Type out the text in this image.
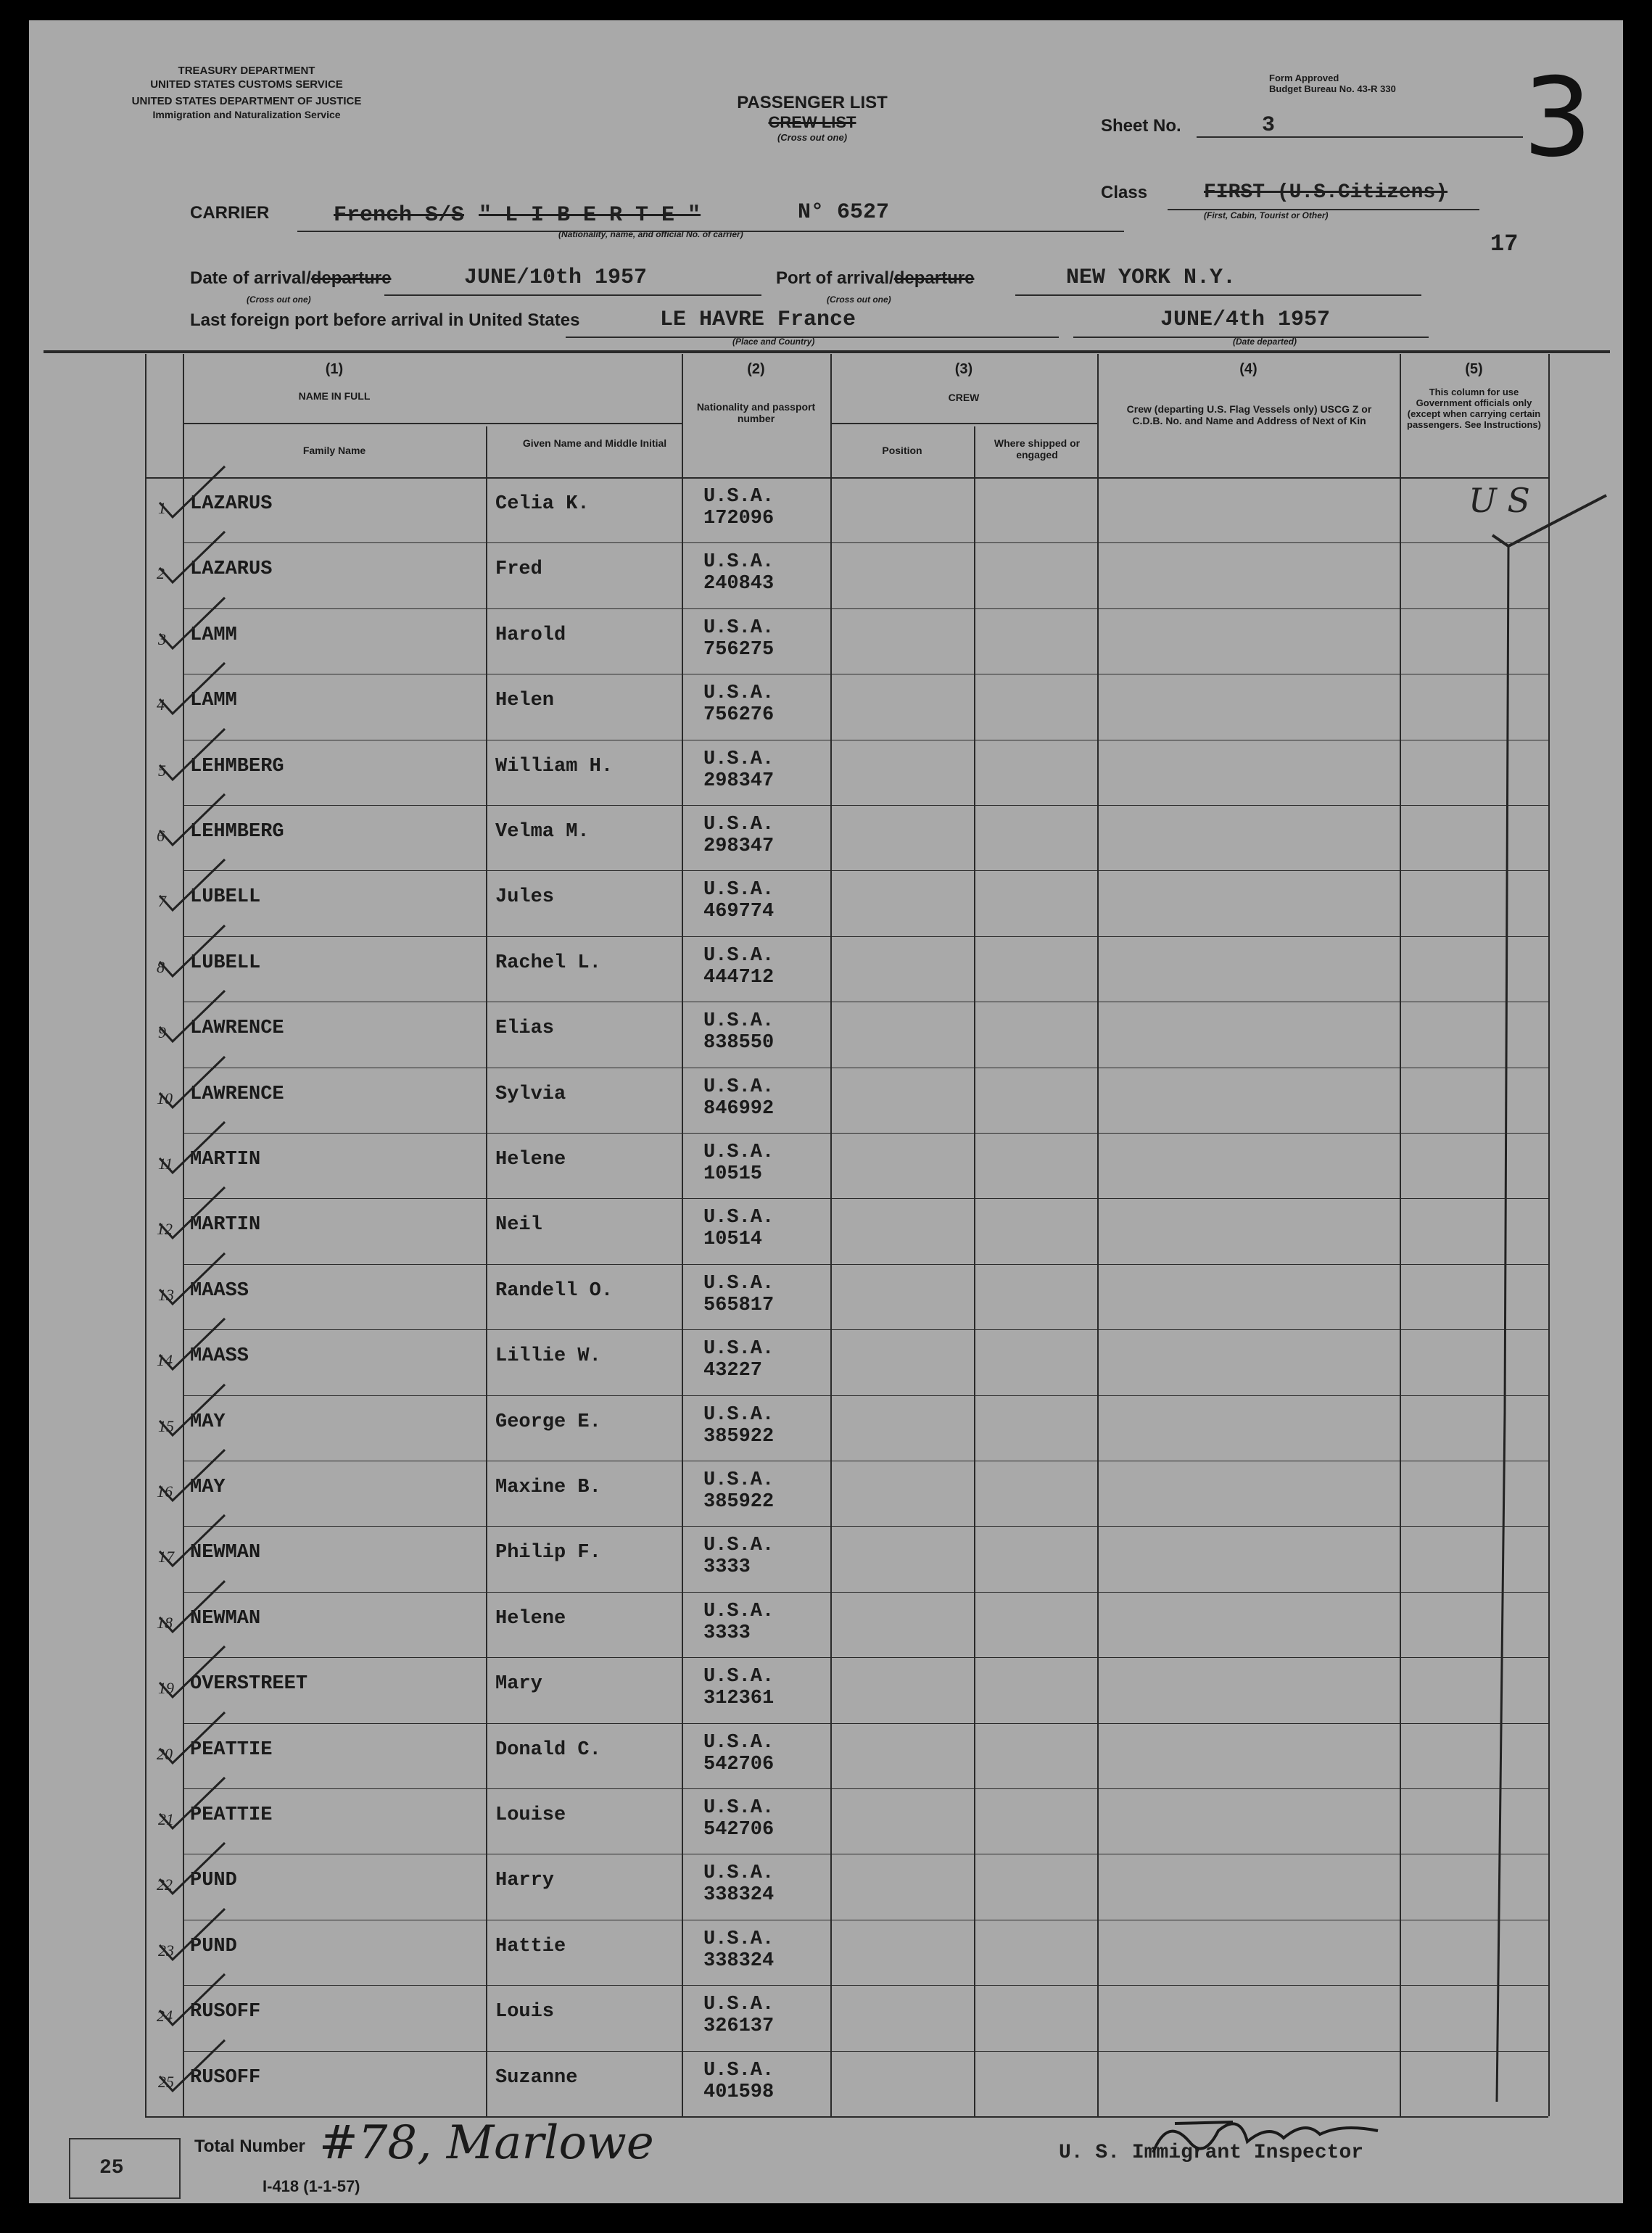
TREASURY DEPARTMENT
UNITED STATES CUSTOMS SERVICE
UNITED STATES DEPARTMENT OF JUSTICE
Immigration and Naturalization Service
PASSENGER LIST
CREW LIST
(Cross out one)
Form Approved
Budget Bureau No. 43-R 330 3
Sheet No.	3
Class	FIRST (U.S.Citizens)
(First, Cabin, Tourist or Other)
17
CARRIER	French S/S " L I B E R T E "	N° 6527
(Nationality, name, and official No. of carrier)
Date of arrival/departure	JUNE/10th 1957
(Cross out one)
Port of arrival/departure	NEW YORK N.Y.
(Cross out one)
Last foreign port before arrival in United States	LE HAVRE France
(Place and Country)
JUNE/4th 1957
(Date departed)
(1)
NAME IN FULL
Family Name
Given Name and Middle Initial
(2)
Nationality and passport number
(3)
CREW
Position
Where shipped or engaged
(4)
Crew (departing U.S. Flag Vessels only) USCG Z or C.D.B. No. and Name and Address of Next of Kin
(5)
This column for use Government officials only (except when carrying certain passengers. See Instructions)
U S
1 LAZARUS	Celia K.	U.S.A.
172096
2 LAZARUS	Fred	U.S.A.
240843
3 LAMM	Harold	U.S.A.
756275
4 LAMM	Helen	U.S.A.
756276
5 LEHMBERG	William H.	U.S.A.
298347
6 LEHMBERG	Velma M.	U.S.A.
298347
7 LUBELL	Jules	U.S.A.
469774
8 LUBELL	Rachel L.	U.S.A.
444712
9 LAWRENCE	Elias	U.S.A.
838550
10 LAWRENCE	Sylvia	U.S.A.
846992
11 MARTIN	Helene	U.S.A.
10515
12 MARTIN	Neil	U.S.A.
10514
13 MAASS	Randell O.	U.S.A.
565817
14 MAASS	Lillie W.	U.S.A.
43227
15 MAY	George E.	U.S.A.
385922
16 MAY	Maxine B.	U.S.A.
385922
17 NEWMAN	Philip F.	U.S.A.
3333
18 NEWMAN	Helene	U.S.A.
3333
19 OVERSTREET	Mary	U.S.A.
312361
20 PEATTIE	Donald C.	U.S.A.
542706
21 PEATTIE	Louise	U.S.A.
542706
22 PUND	Harry	U.S.A.
338324
23 PUND	Hattie	U.S.A.
338324
24 RUSOFF	Louis	U.S.A.
326137
25 RUSOFF	Suzanne	U.S.A.
401598
25
Total Number #78, Marlowe
I-418 (1-1-57)
U. S. Immigrant Inspector
